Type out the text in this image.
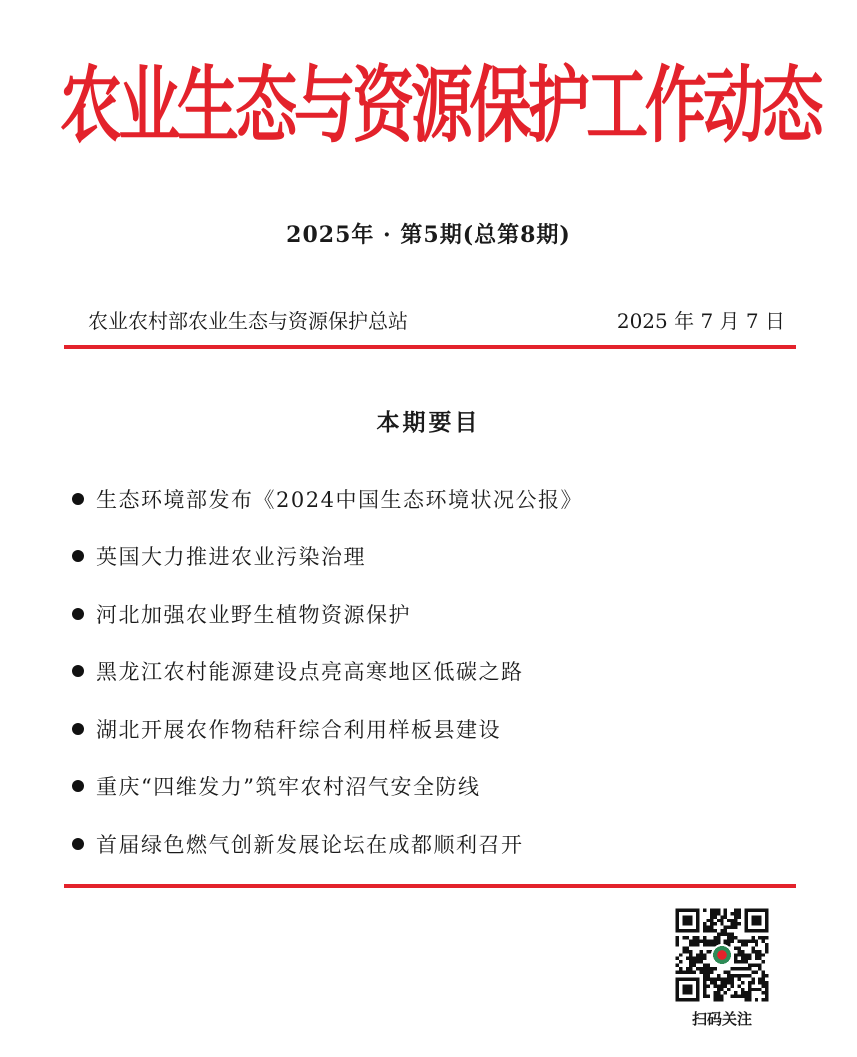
农业生态与资源保护工作动态
2025年 · 第5期(总第8期)
农业农村部农业生态与资源保护总站	2025 年 7 月 7 日
本期要目
生态环境部发布《2024中国生态环境状况公报》
英国大力推进农业污染治理
河北加强农业野生植物资源保护
黑龙江农村能源建设点亮高寒地区低碳之路
湖北开展农作物秸秆综合利用样板县建设
重庆“四维发力”筑牢农村沼气安全防线
首届绿色燃气创新发展论坛在成都顺利召开
扫码关注
